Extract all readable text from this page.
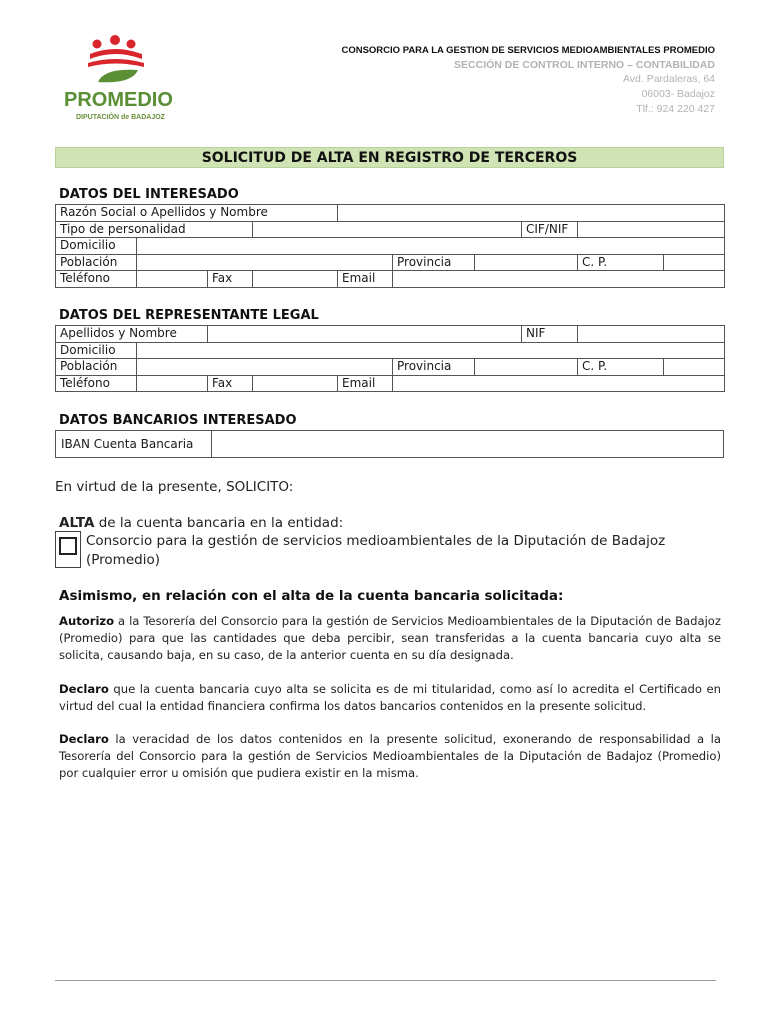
PROMEDIO
DIPUTACIÓN de BADAJOZ
CONSORCIO PARA LA GESTION DE SERVICIOS MEDIOAMBIENTALES PROMEDIO
SECCIÓN DE CONTROL INTERNO – CONTABILIDAD
Avd. Pardaleras, 64
06003- Badajoz
Tlf.: 924 220 427
SOLICITUD DE ALTA EN REGISTRO DE TERCEROS
DATOS DEL INTERESADO
Razón Social o Apellidos y Nombre									
Tipo de personalidad							CIF/NIF		
Domicilio									
Población					Provincia			C. P.	
Teléfono		Fax		Email					
DATOS DEL REPRESENTANTE LEGAL
Apellidos y Nombre							NIF		
Domicilio									
Población					Provincia			C. P.	
Teléfono		Fax		Email					
DATOS BANCARIOS INTERESADO
IBAN Cuenta Bancaria
En virtud de la presente, SOLICITO:
ALTA de la cuenta bancaria en la entidad:
Consorcio para la gestión de servicios medioambientales de la Diputación de Badajoz
(Promedio)
Asimismo, en relación con el alta de la cuenta bancaria solicitada:
Autorizo a la Tesorería del Consorcio para la gestión de Servicios Medioambientales de la Diputación de Badajoz (Promedio) para que las cantidades que deba percibir, sean transferidas a la cuenta bancaria cuyo alta se solicita, causando baja, en su caso, de la anterior cuenta en su día designada.
Declaro que la cuenta bancaria cuyo alta se solicita es de mi titularidad, como así lo acredita el Certificado en virtud del cual la entidad financiera confirma los datos bancarios contenidos en la presente solicitud.
Declaro la veracidad de los datos contenidos en la presente solicitud, exonerando de responsabilidad a la Tesorería del Consorcio para la gestión de Servicios Medioambientales de la Diputación de Badajoz (Promedio) por cualquier error u omisión que pudiera existir en la misma.
